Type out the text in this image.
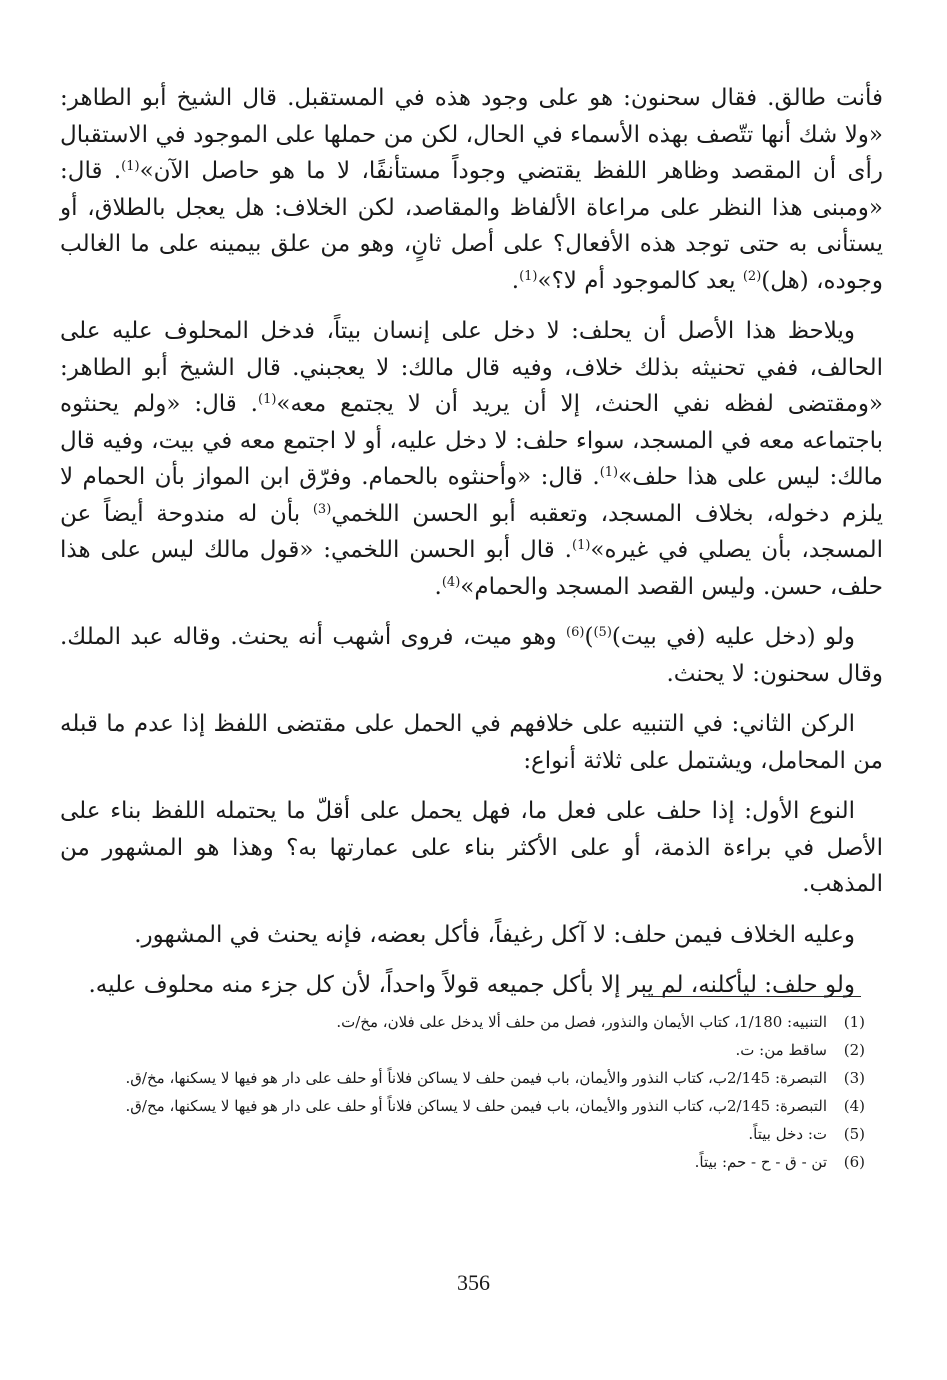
فأنت طالق. فقال سحنون: هو على وجود هذه في المستقبل. قال الشيخ أبو الطاهر: «ولا شك أنها تتّصف بهذه الأسماء في الحال، لكن من حملها على الموجود في الاستقبال رأى أن المقصد وظاهر اللفظ يقتضي وجوداً مستأنفًا، لا ما هو حاصل الآن»$^{(1)}$. قال: «ومبنى هذا النظر على مراعاة الألفاظ والمقاصد، لكن الخلاف: هل يعجل بالطلاق، أو يستأنى به حتى توجد هذه الأفعال؟ على أصل ثانٍ، وهو من علق بيمينه على ما الغالب وجوده، (هل)$^{(2)}$ يعد كالموجود أم لا؟»$^{(1)}$.

ويلاحظ هذا الأصل أن يحلف: لا دخل على إنسان بيتاً، فدخل المحلوف عليه على الحالف، ففي تحنيثه بذلك خلاف، وفيه قال مالك: لا يعجبني. قال الشيخ أبو الطاهر: «ومقتضى لفظه نفي الحنث، إلا أن يريد أن لا يجتمع معه»$^{(1)}$. قال: «ولم يحنثوه باجتماعه معه في المسجد، سواء حلف: لا دخل عليه، أو لا اجتمع معه في بيت، وفيه قال مالك: ليس على هذا حلف»$^{(1)}$. قال: «وأحنثوه بالحمام. وفرّق ابن المواز بأن الحمام لا يلزم دخوله، بخلاف المسجد، وتعقبه أبو الحسن اللخمي$^{(3)}$ بأن له مندوحة أيضاً عن المسجد، بأن يصلي في غيره»$^{(1)}$. قال أبو الحسن اللخمي: «قول مالك ليس على هذا حلف، حسن. وليس القصد المسجد والحمام»$^{(4)}$.

ولو (دخل عليه (في بيت)$^{(5)}$)$^{(6)}$ وهو ميت، فروى أشهب أنه يحنث. وقاله عبد الملك. وقال سحنون: لا يحنث.

الركن الثاني: في التنبيه على خلافهم في الحمل على مقتضى اللفظ إذا عدم ما قبله من المحامل، ويشتمل على ثلاثة أنواع:

النوع الأول: إذا حلف على فعل ما، فهل يحمل على أقلّ ما يحتمله اللفظ بناء على الأصل في براءة الذمة، أو على الأكثر بناء على عمارتها به؟ وهذا هو المشهور من المذهب.

وعليه الخلاف فيمن حلف: لا آكل رغيفاً، فأكل بعضه، فإنه يحنث في المشهور.

ولو حلف: ليأكلنه، لم يبر إلا بأكل جميعه قولاً واحداً، لأن كل جزء منه محلوف عليه.

(1)
التنبيه: 1/180، كتاب الأيمان والنذور، فصل من حلف ألا يدخل على فلان، مخ/ت.
(2)
ساقط من: ت.
(3)
التبصرة: 2/145ب، كتاب النذور والأيمان، باب فيمن حلف لا يساكن فلاناً أو حلف على دار هو فيها لا يسكنها، مخ/ق.
(4)
التبصرة: 2/145ب، كتاب النذور والأيمان، باب فيمن حلف لا يساكن فلاناً أو حلف على دار هو فيها لا يسكنها، مح/ق.
(5)
ت: دخل بيتاً.
(6)
تن - ق - ح - حم: بيتاً.
356
